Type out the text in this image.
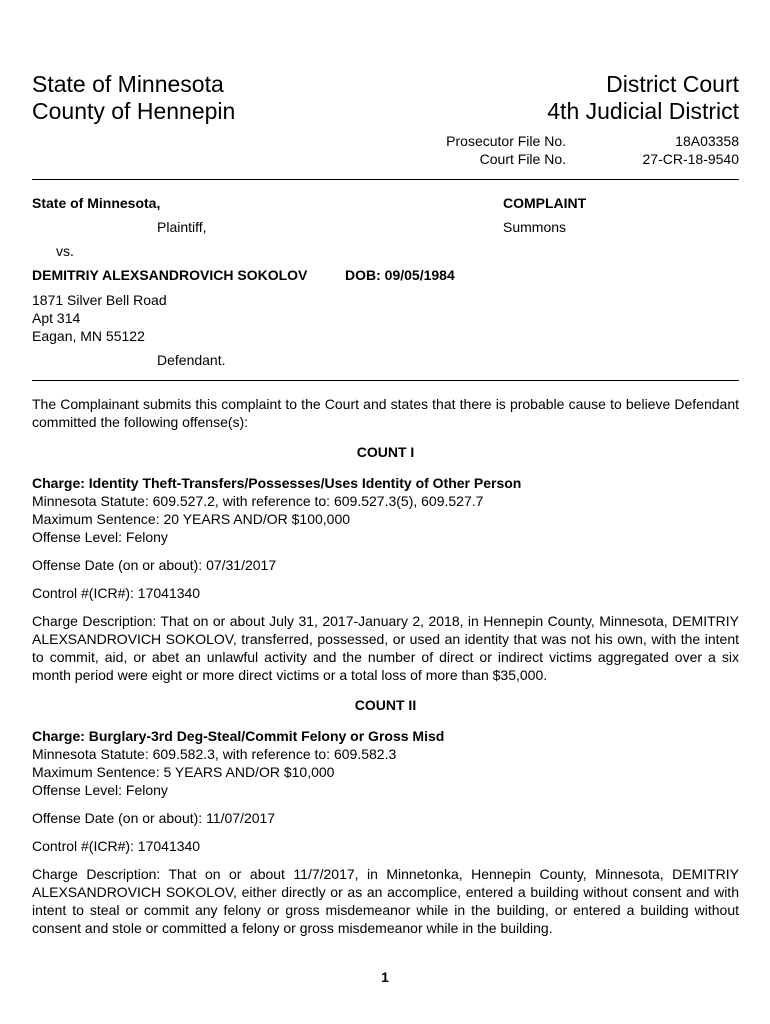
State of Minnesota
County of Hennepin
District Court
4th Judicial District
Prosecutor File No.	18A03358
Court File No.	27-CR-18-9540
State of Minnesota,	COMPLAINT
Plaintiff,	Summons
vs.
DEMITRIY ALEXSANDROVICH SOKOLOV	DOB: 09/05/1984
1871 Silver Bell Road
Apt 314
Eagan, MN 55122
Defendant.
The Complainant submits this complaint to the Court and states that there is probable cause to believe Defendant committed the following offense(s):
COUNT I
Charge: Identity Theft-Transfers/Possesses/Uses Identity of Other Person
Minnesota Statute: 609.527.2, with reference to: 609.527.3(5), 609.527.7
Maximum Sentence: 20 YEARS AND/OR $100,000
Offense Level: Felony
Offense Date (on or about): 07/31/2017
Control #(ICR#): 17041340
Charge Description: That on or about July 31, 2017-January 2, 2018, in Hennepin County, Minnesota, DEMITRIY ALEXSANDROVICH SOKOLOV, transferred, possessed, or used an identity that was not his own, with the intent to commit, aid, or abet an unlawful activity and the number of direct or indirect victims aggregated over a six month period were eight or more direct victims or a total loss of more than $35,000.
COUNT II
Charge: Burglary-3rd Deg-Steal/Commit Felony or Gross Misd
Minnesota Statute: 609.582.3, with reference to: 609.582.3
Maximum Sentence: 5 YEARS AND/OR $10,000
Offense Level: Felony
Offense Date (on or about): 11/07/2017
Control #(ICR#): 17041340
Charge Description: That on or about 11/7/2017, in Minnetonka, Hennepin County, Minnesota, DEMITRIY ALEXSANDROVICH SOKOLOV, either directly or as an accomplice, entered a building without consent and with intent to steal or commit any felony or gross misdemeanor while in the building, or entered a building without consent and stole or committed a felony or gross misdemeanor while in the building.
1
